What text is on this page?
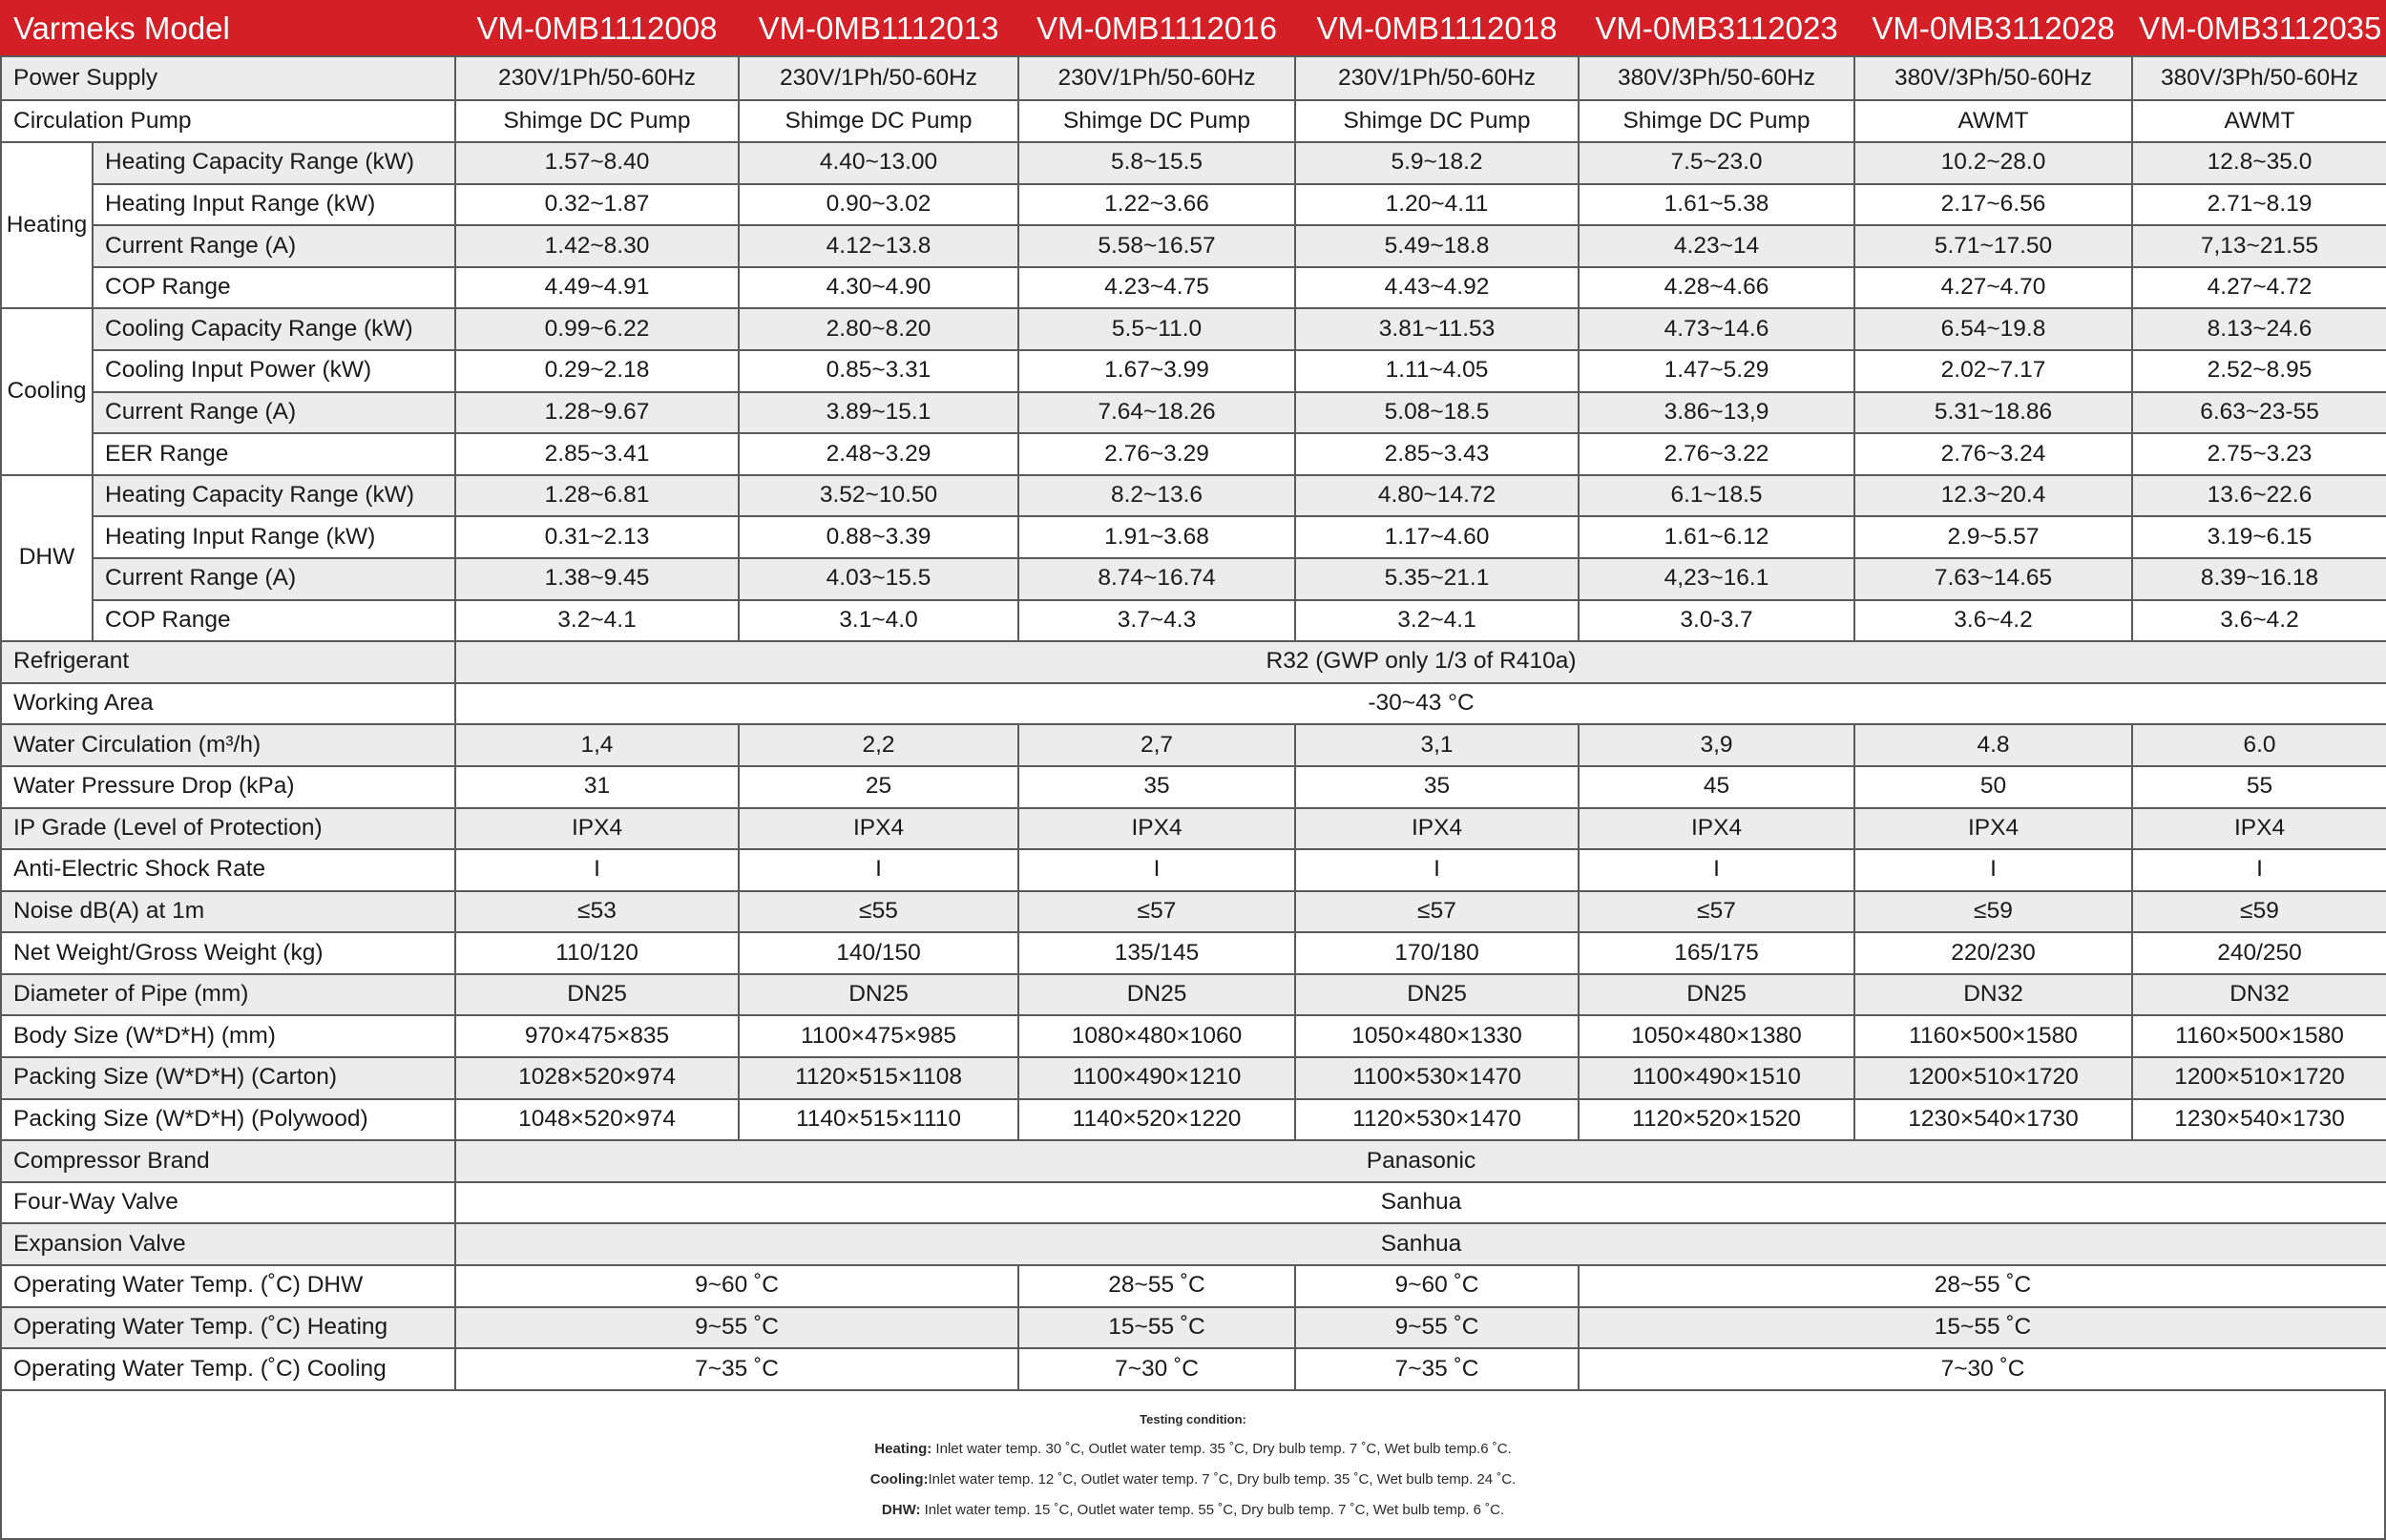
Varmeks Model		VM-0MB1112008	VM-0MB1112013	VM-0MB1112016	VM-0MB1112018	VM-0MB3112023	VM-0MB3112028	VM-0MB3112035
Power Supply		230V/1Ph/50-60Hz	230V/1Ph/50-60Hz	230V/1Ph/50-60Hz	230V/1Ph/50-60Hz	380V/3Ph/50-60Hz	380V/3Ph/50-60Hz	380V/3Ph/50-60Hz
Circulation Pump		Shimge DC Pump	Shimge DC Pump	Shimge DC Pump	Shimge DC Pump	Shimge DC Pump	AWMT	AWMT
Heating	Heating Capacity Range (kW)	1.57~8.40	4.40~13.00	5.8~15.5	5.9~18.2	7.5~23.0	10.2~28.0	12.8~35.0
	Heating Input Range (kW)	0.32~1.87	0.90~3.02	1.22~3.66	1.20~4.11	1.61~5.38	2.17~6.56	2.71~8.19
	Current Range (A)	1.42~8.30	4.12~13.8	5.58~16.57	5.49~18.8	4.23~14	5.71~17.50	7,13~21.55
	COP Range	4.49~4.91	4.30~4.90	4.23~4.75	4.43~4.92	4.28~4.66	4.27~4.70	4.27~4.72
Cooling	Cooling Capacity Range (kW)	0.99~6.22	2.80~8.20	5.5~11.0	3.81~11.53	4.73~14.6	6.54~19.8	8.13~24.6
	Cooling Input Power (kW)	0.29~2.18	0.85~3.31	1.67~3.99	1.11~4.05	1.47~5.29	2.02~7.17	2.52~8.95
	Current Range (A)	1.28~9.67	3.89~15.1	7.64~18.26	5.08~18.5	3.86~13,9	5.31~18.86	6.63~23-55
	EER Range	2.85~3.41	2.48~3.29	2.76~3.29	2.85~3.43	2.76~3.22	2.76~3.24	2.75~3.23
DHW	Heating Capacity Range (kW)	1.28~6.81	3.52~10.50	8.2~13.6	4.80~14.72	6.1~18.5	12.3~20.4	13.6~22.6
	Heating Input Range (kW)	0.31~2.13	0.88~3.39	1.91~3.68	1.17~4.60	1.61~6.12	2.9~5.57	3.19~6.15
	Current Range (A)	1.38~9.45	4.03~15.5	8.74~16.74	5.35~21.1	4,23~16.1	7.63~14.65	8.39~16.18
	COP Range	3.2~4.1	3.1~4.0	3.7~4.3	3.2~4.1	3.0-3.7	3.6~4.2	3.6~4.2
Refrigerant		R32 (GWP only 1/3 of R410a)						
Working Area		-30~43 °C						
Water Circulation (m³/h)		1,4	2,2	2,7	3,1	3,9	4.8	6.0
Water Pressure Drop (kPa)		31	25	35	35	45	50	55
IP Grade (Level of Protection)		IPX4	IPX4	IPX4	IPX4	IPX4	IPX4	IPX4
Anti-Electric Shock Rate		I	I	I	I	I	I	I
Noise dB(A) at 1m		≤53	≤55	≤57	≤57	≤57	≤59	≤59
Net Weight/Gross Weight (kg)		110/120	140/150	135/145	170/180	165/175	220/230	240/250
Diameter of Pipe (mm)		DN25	DN25	DN25	DN25	DN25	DN32	DN32
Body Size (W*D*H) (mm)		970×475×835	1100×475×985	1080×480×1060	1050×480×1330	1050×480×1380	1160×500×1580	1160×500×1580
Packing Size (W*D*H) (Carton)		1028×520×974	1120×515×1108	1100×490×1210	1100×530×1470	1100×490×1510	1200×510×1720	1200×510×1720
Packing Size (W*D*H) (Polywood)		1048×520×974	1140×515×1110	1140×520×1220	1120×530×1470	1120×520×1520	1230×540×1730	1230×540×1730
Compressor Brand		Panasonic						
Four-Way Valve		Sanhua						
Expansion Valve		Sanhua						
Operating Water Temp. (˚C) DHW		9~60 ˚C		28~55 ˚C	9~60 ˚C	28~55 ˚C		
Operating Water Temp. (˚C) Heating		9~55 ˚C		15~55 ˚C	9~55 ˚C	15~55 ˚C		
Operating Water Temp. (˚C) Cooling		7~35 ˚C		7~30 ˚C	7~35 ˚C	7~30 ˚C		
Testing condition:
Heating: Inlet water temp. 30 ˚C, Outlet water temp. 35 ˚C, Dry bulb temp. 7 ˚C, Wet bulb temp.6 ˚C.
Cooling:Inlet water temp. 12 ˚C, Outlet water temp. 7 ˚C, Dry bulb temp. 35 ˚C, Wet bulb temp. 24 ˚C.
DHW: Inlet water temp. 15 ˚C, Outlet water temp. 55 ˚C, Dry bulb temp. 7 ˚C, Wet bulb temp. 6 ˚C.
